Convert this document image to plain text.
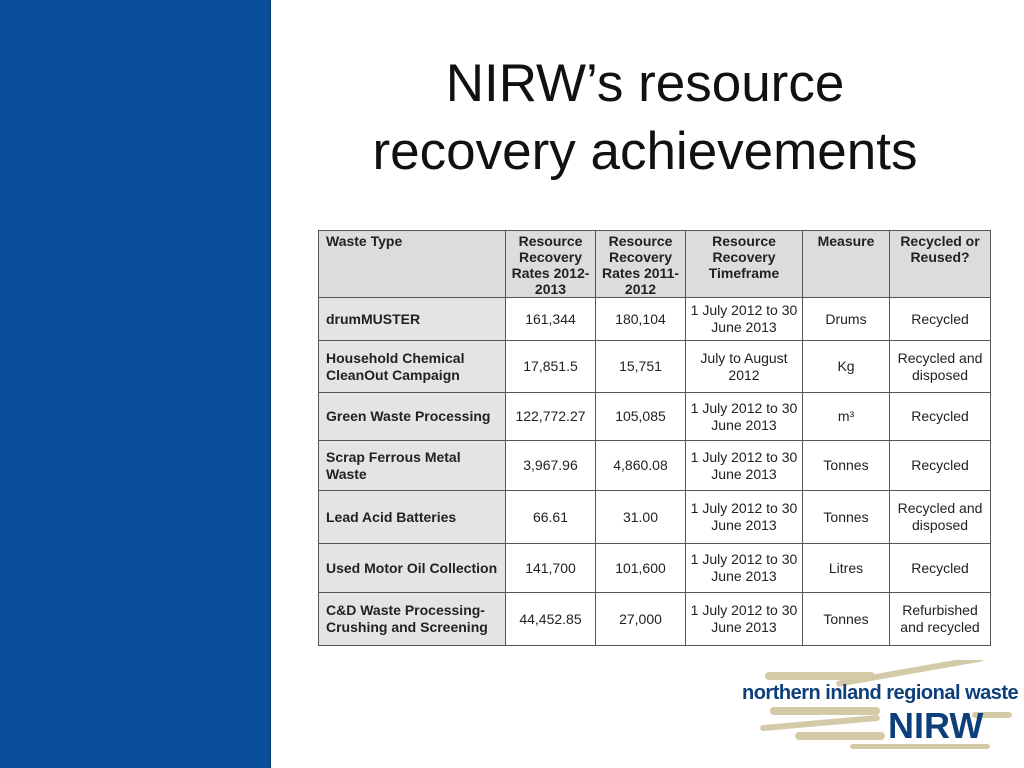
NIRW’s resource
recovery achievements
Waste Type	Resource Recovery Rates 2012-2013	Resource Recovery Rates 2011-2012	Resource Recovery Timeframe	Measure	Recycled or Reused?
drumMUSTER	161,344	180,104	1 July 2012 to 30 June 2013	Drums	Recycled
Household Chemical CleanOut Campaign	17,851.5	15,751	July to August 2012	Kg	Recycled and disposed
Green Waste Processing	122,772.27	105,085	1 July 2012 to 30 June 2013	m³	Recycled
Scrap Ferrous Metal Waste	3,967.96	4,860.08	1 July 2012 to 30 June 2013	Tonnes	Recycled
Lead Acid Batteries	66.61	31.00	1 July 2012 to 30 June 2013	Tonnes	Recycled and disposed
Used Motor Oil Collection	141,700	101,600	1 July 2012 to 30 June 2013	Litres	Recycled
C&D Waste Processing-Crushing and Screening	44,452.85	27,000	1 July 2012 to 30 June 2013	Tonnes	Refurbished and recycled
northern inland regional waste
NIRW
